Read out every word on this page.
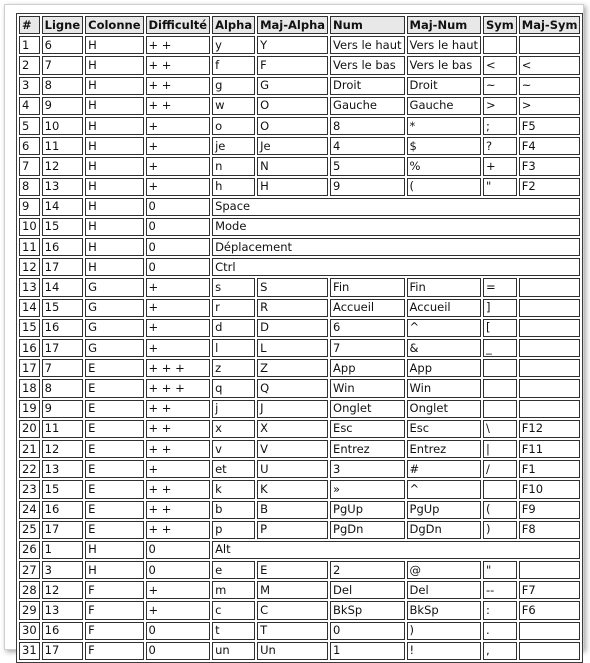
#	Ligne	Colonne	Difficulté	Alpha	Maj-Alpha	Num	Maj-Num	Sym	Maj-Sym
1	6	H	+ +	y	Y	Vers le haut	Vers le haut		
2	7	H	+ +	f	F	Vers le bas	Vers le bas	<	<
3	8	H	+ +	g	G	Droit	Droit	~	~
4	9	H	+ +	w	O	Gauche	Gauche	>	>
5	10	H	+	o	O	8	*	;	F5
6	11	H	+	je	Je	4	$	?	F4
7	12	H	+	n	N	5	%	+	F3
8	13	H	+	h	H	9	(	"	F2
9	14	H	0	Space					
10	15	H	0	Mode					
11	16	H	0	Déplacement					
12	17	H	0	Ctrl					
13	14	G	+	s	S	Fin	Fin	=	
14	15	G	+	r	R	Accueil	Accueil	]	
15	16	G	+	d	D	6	^	[	
16	17	G	+	l	L	7	&	_	
17	7	E	+ + +	z	Z	App	App		
18	8	E	+ + +	q	Q	Win	Win		
19	9	E	+ +	j	J	Onglet	Onglet		
20	11	E	+ +	x	X	Esc	Esc	\	F12
21	12	E	+ +	v	V	Entrez	Entrez	|	F11
22	13	E	+	et	U	3	#	/	F1
23	15	E	+ +	k	K	»	^		F10
24	16	E	+ +	b	B	PgUp	PgUp	(	F9
25	17	E	+ +	p	P	PgDn	DgDn	)	F8
26	1	H	0	Alt					
27	3	H	0	e	E	2	@	"	
28	12	F	+	m	M	Del	Del	--	F7
29	13	F	+	c	C	BkSp	BkSp	:	F6
30	16	F	0	t	T	0	)	.	
31	17	F	0	un	Un	1	!	,	
